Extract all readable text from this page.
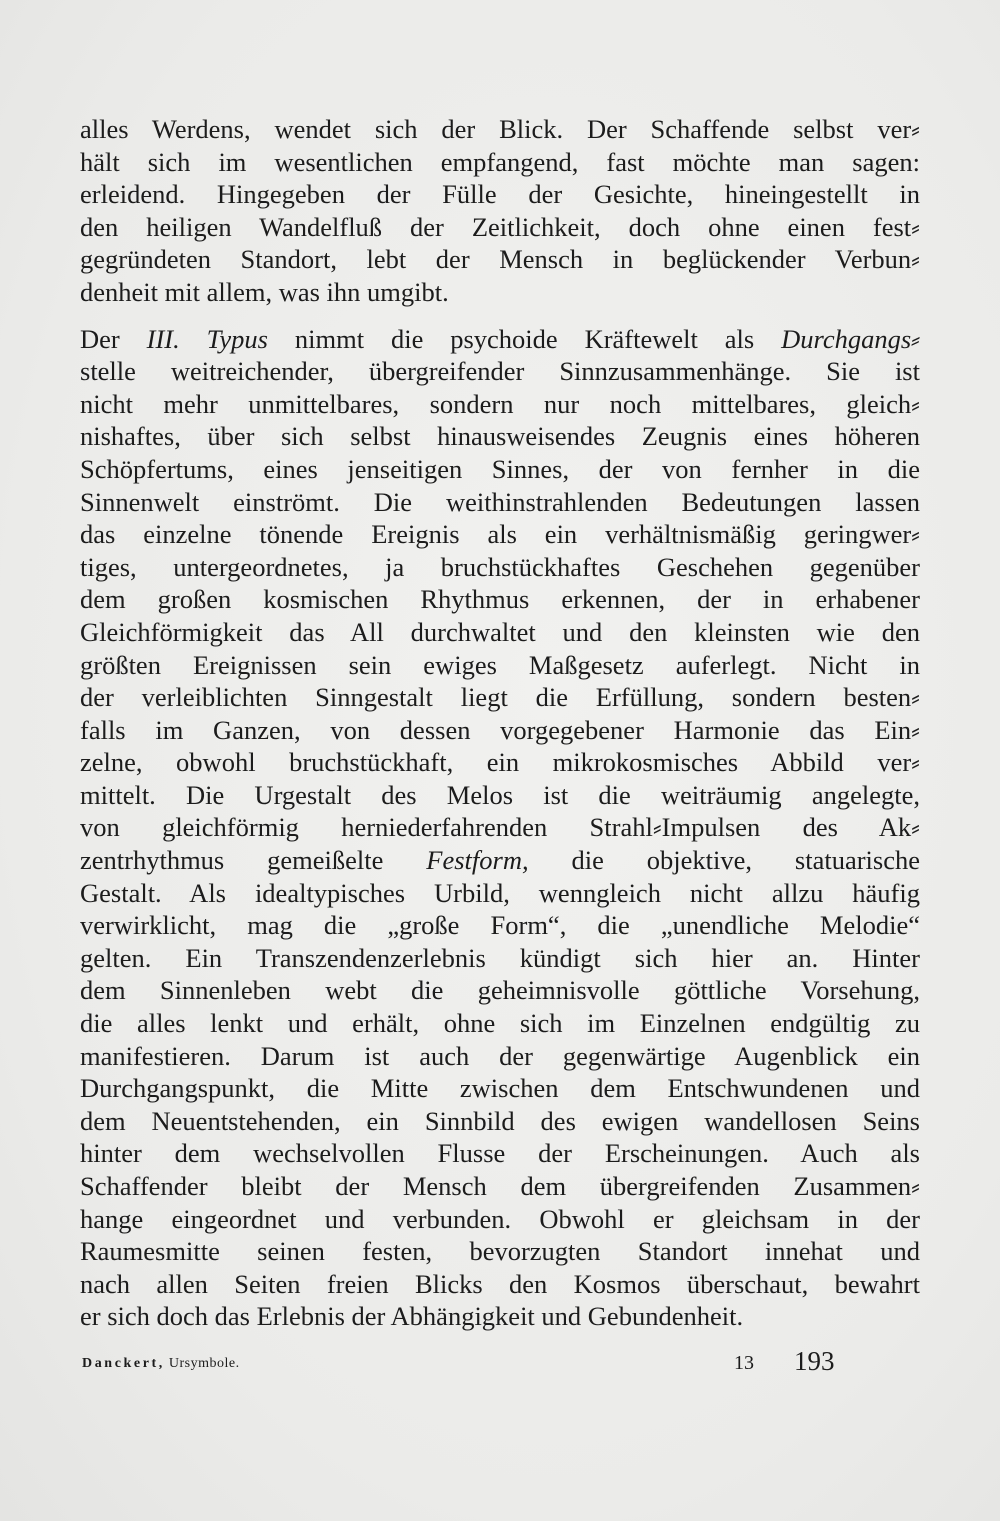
alles Werdens, wendet sich der Blick. Der Schaffende selbst ver⸗
hält sich im wesentlichen empfangend, fast möchte man sagen:
erleidend. Hingegeben der Fülle der Gesichte, hineingestellt in
den heiligen Wandelfluß der Zeitlichkeit, doch ohne einen fest⸗
gegründeten Standort, lebt der Mensch in beglückender Verbun⸗
denheit mit allem, was ihn umgibt.
Der III. Typus nimmt die psychoide Kräftewelt als Durchgangs⸗
stelle weitreichender, übergreifender Sinnzusammenhänge. Sie ist
nicht mehr unmittelbares, sondern nur noch mittelbares, gleich⸗
nishaftes, über sich selbst hinausweisendes Zeugnis eines höheren
Schöpfertums, eines jenseitigen Sinnes, der von fernher in die
Sinnenwelt einströmt. Die weithinstrahlenden Bedeutungen lassen
das einzelne tönende Ereignis als ein verhältnismäßig geringwer⸗
tiges, untergeordnetes, ja bruchstückhaftes Geschehen gegenüber
dem großen kosmischen Rhythmus erkennen, der in erhabener
Gleichförmigkeit das All durchwaltet und den kleinsten wie den
größten Ereignissen sein ewiges Maßgesetz auferlegt. Nicht in
der verleiblichten Sinngestalt liegt die Erfüllung, sondern besten⸗
falls im Ganzen, von dessen vorgegebener Harmonie das Ein⸗
zelne, obwohl bruchstückhaft, ein mikrokosmisches Abbild ver⸗
mittelt. Die Urgestalt des Melos ist die weiträumig angelegte,
von gleichförmig herniederfahrenden Strahl⸗Impulsen des Ak⸗
zentrhythmus gemeißelte Festform, die objektive, statuarische
Gestalt. Als idealtypisches Urbild, wenngleich nicht allzu häufig
verwirklicht, mag die „große Form“, die „unendliche Melodie“
gelten. Ein Transzendenzerlebnis kündigt sich hier an. Hinter
dem Sinnenleben webt die geheimnisvolle göttliche Vorsehung,
die alles lenkt und erhält, ohne sich im Einzelnen endgültig zu
manifestieren. Darum ist auch der gegenwärtige Augenblick ein
Durchgangspunkt, die Mitte zwischen dem Entschwundenen und
dem Neuentstehenden, ein Sinnbild des ewigen wandellosen Seins
hinter dem wechselvollen Flusse der Erscheinungen. Auch als
Schaffender bleibt der Mensch dem übergreifenden Zusammen⸗
hange eingeordnet und verbunden. Obwohl er gleichsam in der
Raumesmitte seinen festen, bevorzugten Standort innehat und
nach allen Seiten freien Blicks den Kosmos überschaut, bewahrt
er sich doch das Erlebnis der Abhängigkeit und Gebundenheit.
Danckert, Ursymbole.	13 193
